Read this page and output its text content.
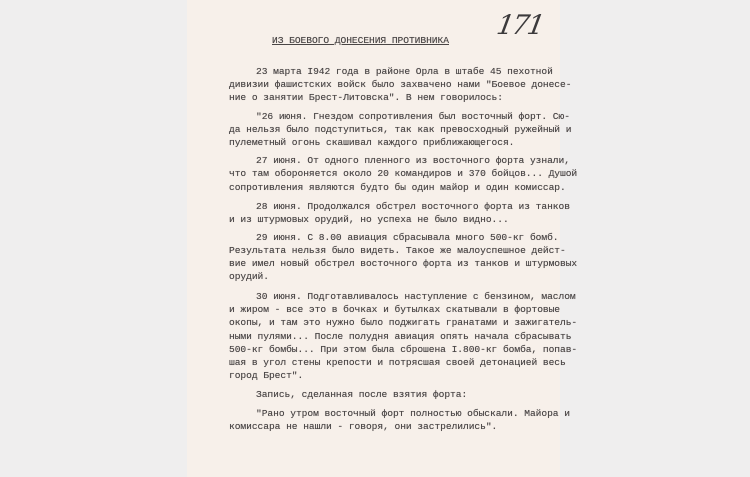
171
ИЗ БОЕВОГО ДОНЕСЕНИЯ ПРОТИВНИКА
23 марта I942 года в районе Орла в штабе 45 пехотной
дивизии фашистских войск было захвачено нами "Боевое донесе-
ние о занятии Брест-Литовска". В нем говорилось:
"26 июня. Гнездом сопротивления был восточный форт. Сю-
да нельзя было подступиться, так как превосходный ружейный и
пулеметный огонь скашивал каждого приближающегося.
27 июня. От одного пленного из восточного форта узнали,
что там обороняется около 20 командиров и 370 бойцов... Душой
сопротивления являются будто бы один майор и один комиссар.
28 июня. Продолжался обстрел восточного форта из танков
и из штурмовых орудий, но успеха не было видно...
29 июня. С 8.00 авиация сбрасывала много 500-кг бомб.
Результата нельзя было видеть. Такое же малоуспешное дейст-
вие имел новый обстрел восточного форта из танков и штурмовых
орудий.
30 июня. Подготавливалось наступление с бензином, маслом
и жиром - все это в бочках и бутылках скатывали в фортовые
окопы, и там это нужно было поджигать гранатами и зажигатель-
ными пулями... После полудня авиация опять начала сбрасывать
500-кг бомбы... При этом была сброшена I.800-кг бомба, попав-
шая в угол стены крепости и потрясшая своей детонацией весь
город Брест".
Запись, сделанная после взятия форта:
"Рано утром восточный форт полностью обыскали. Майора и
комиссара не нашли - говоря, они застрелились".
